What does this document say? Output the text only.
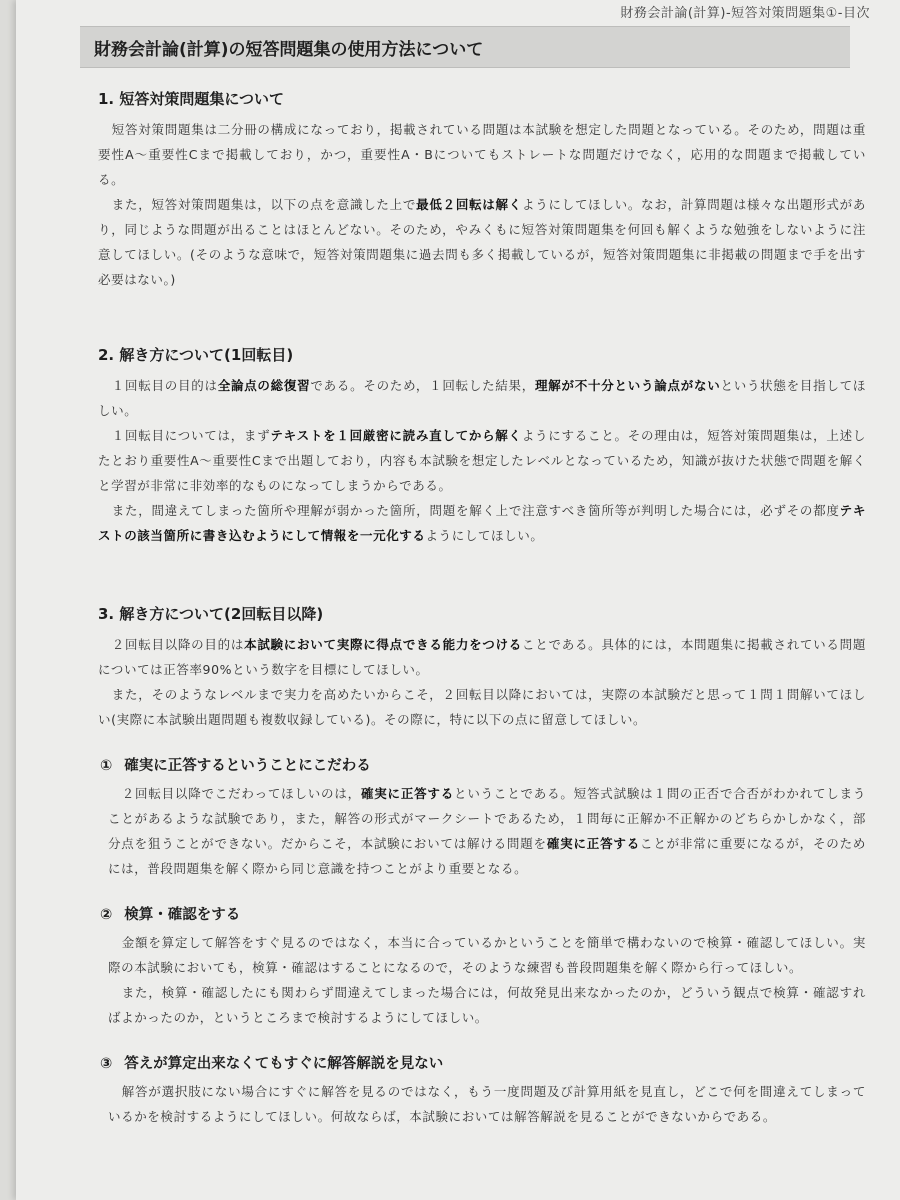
財務会計論(計算)-短答対策問題集①-目次
財務会計論(計算)の短答問題集の使用方法について
1. 短答対策問題集について

短答対策問題集は二分冊の構成になっており，掲載されている問題は本試験を想定した問題となっている。そのため，問題は重要性A～重要性Cまで掲載しており，かつ，重要性A・Bについてもストレートな問題だけでなく，応用的な問題まで掲載している。

また，短答対策問題集は，以下の点を意識した上で最低２回転は解くようにしてほしい。なお，計算問題は様々な出題形式があり，同じような問題が出ることはほとんどない。そのため，やみくもに短答対策問題集を何回も解くような勉強をしないように注意してほしい。(そのような意味で，短答対策問題集に過去問も多く掲載しているが，短答対策問題集に非掲載の問題まで手を出す必要はない。)

2. 解き方について(1回転目)

１回転目の目的は全論点の総復習である。そのため，１回転した結果，理解が不十分という論点がないという状態を目指してほしい。

１回転目については，まずテキストを１回厳密に読み直してから解くようにすること。その理由は，短答対策問題集は，上述したとおり重要性A～重要性Cまで出題しており，内容も本試験を想定したレベルとなっているため，知識が抜けた状態で問題を解くと学習が非常に非効率的なものになってしまうからである。

また，間違えてしまった箇所や理解が弱かった箇所，問題を解く上で注意すべき箇所等が判明した場合には，必ずその都度テキストの該当箇所に書き込むようにして情報を一元化するようにしてほしい。

3. 解き方について(2回転目以降)

２回転目以降の目的は本試験において実際に得点できる能力をつけることである。具体的には，本問題集に掲載されている問題については正答率90%という数字を目標にしてほしい。

また，そのようなレベルまで実力を高めたいからこそ，２回転目以降においては，実際の本試験だと思って１問１問解いてほしい(実際に本試験出題問題も複数収録している)。その際に，特に以下の点に留意してほしい。

① 確実に正答するということにこだわる

２回転目以降でこだわってほしいのは，確実に正答するということである。短答式試験は１問の正否で合否がわかれてしまうことがあるような試験であり，また，解答の形式がマークシートであるため，１問毎に正解か不正解かのどちらかしかなく，部分点を狙うことができない。だからこそ，本試験においては解ける問題を確実に正答することが非常に重要になるが，そのためには，普段問題集を解く際から同じ意識を持つことがより重要となる。

② 検算・確認をする

金額を算定して解答をすぐ見るのではなく，本当に合っているかということを簡単で構わないので検算・確認してほしい。実際の本試験においても，検算・確認はすることになるので，そのような練習も普段問題集を解く際から行ってほしい。

また，検算・確認したにも関わらず間違えてしまった場合には，何故発見出来なかったのか，どういう観点で検算・確認すればよかったのか，というところまで検討するようにしてほしい。

③ 答えが算定出来なくてもすぐに解答解説を見ない

解答が選択肢にない場合にすぐに解答を見るのではなく，もう一度問題及び計算用紙を見直し，どこで何を間違えてしまっているかを検討するようにしてほしい。何故ならば，本試験においては解答解説を見ることができないからである。
